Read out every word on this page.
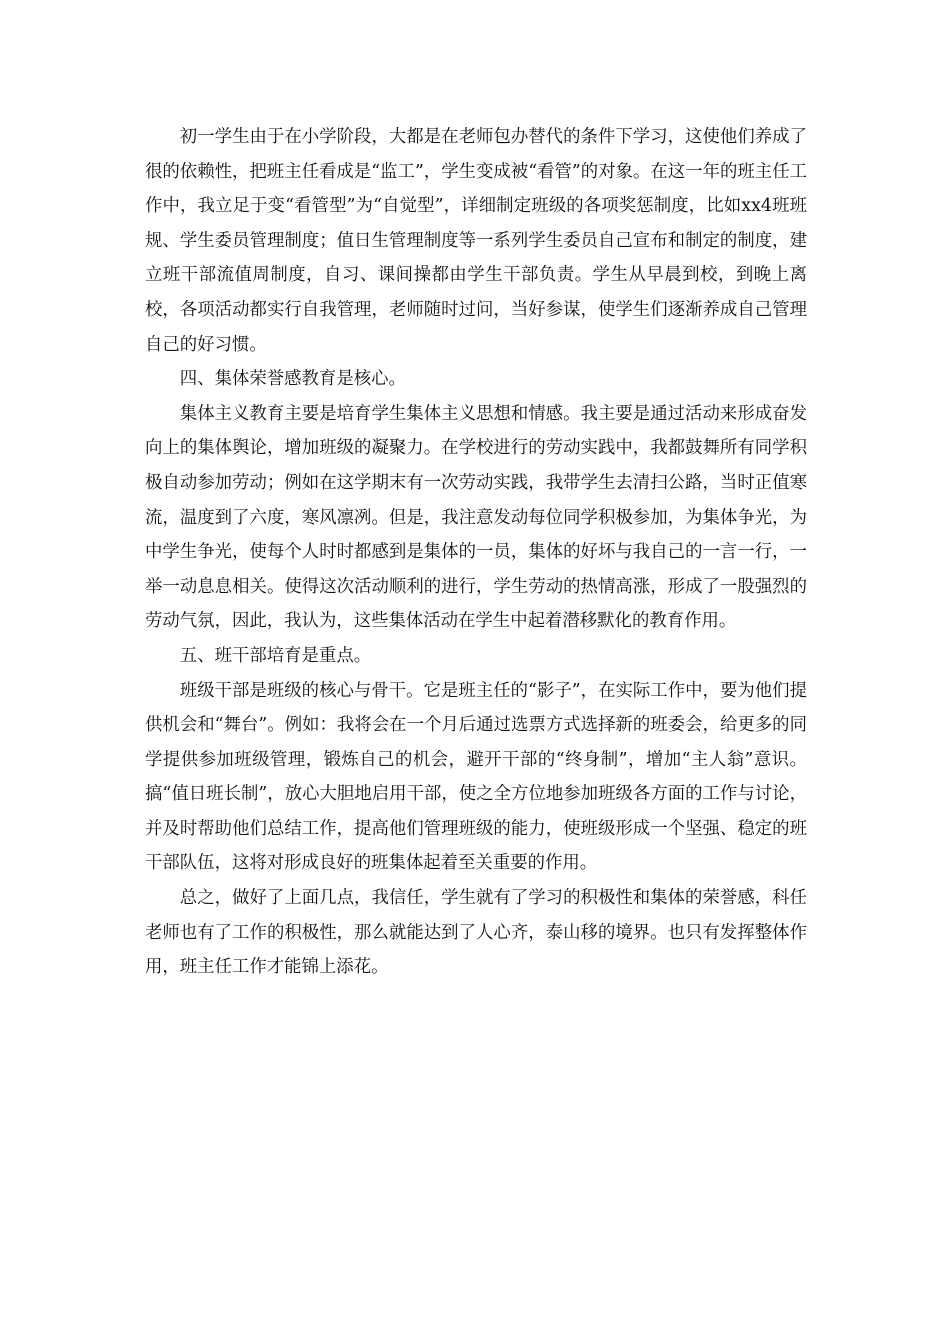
初一学生由于在小学阶段，大都是在老师包办替代的条件下学习，这使他们养成了很的依赖性，把班主任看成是“监工”，学生变成被“看管”的对象。在这一年的班主任工作中，我立足于变“看管型”为“自觉型”，详细制定班级的各项奖惩制度，比如xx4班班规、学生委员管理制度；值日生管理制度等一系列学生委员自己宣布和制定的制度，建立班干部流值周制度，自习、课间操都由学生干部负责。学生从早晨到校，到晚上离校，各项活动都实行自我管理，老师随时过问，当好参谋，使学生们逐渐养成自己管理自己的好习惯。

四、集体荣誉感教育是核心。

集体主义教育主要是培育学生集体主义思想和情感。我主要是通过活动来形成奋发向上的集体舆论，增加班级的凝聚力。在学校进行的劳动实践中，我都鼓舞所有同学积极自动参加劳动；例如在这学期末有一次劳动实践，我带学生去清扫公路，当时正值寒流，温度到了六度，寒风凛冽。但是，我注意发动每位同学积极参加，为集体争光，为中学生争光，使每个人时时都感到是集体的一员，集体的好坏与我自己的一言一行，一举一动息息相关。使得这次活动顺利的进行，学生劳动的热情高涨，形成了一股强烈的劳动气氛，因此，我认为，这些集体活动在学生中起着潜移默化的教育作用。

五、班干部培育是重点。

班级干部是班级的核心与骨干。它是班主任的“影子”，在实际工作中，要为他们提供机会和“舞台”。例如：我将会在一个月后通过选票方式选择新的班委会，给更多的同学提供参加班级管理，锻炼自己的机会，避开干部的“终身制”，增加“主人翁”意识。搞“值日班长制”，放心大胆地启用干部，使之全方位地参加班级各方面的工作与讨论，并及时帮助他们总结工作，提高他们管理班级的能力，使班级形成一个坚强、稳定的班干部队伍，这将对形成良好的班集体起着至关重要的作用。

总之，做好了上面几点，我信任，学生就有了学习的积极性和集体的荣誉感，科任老师也有了工作的积极性，那么就能达到了人心齐，泰山移的境界。也只有发挥整体作用，班主任工作才能锦上添花。
